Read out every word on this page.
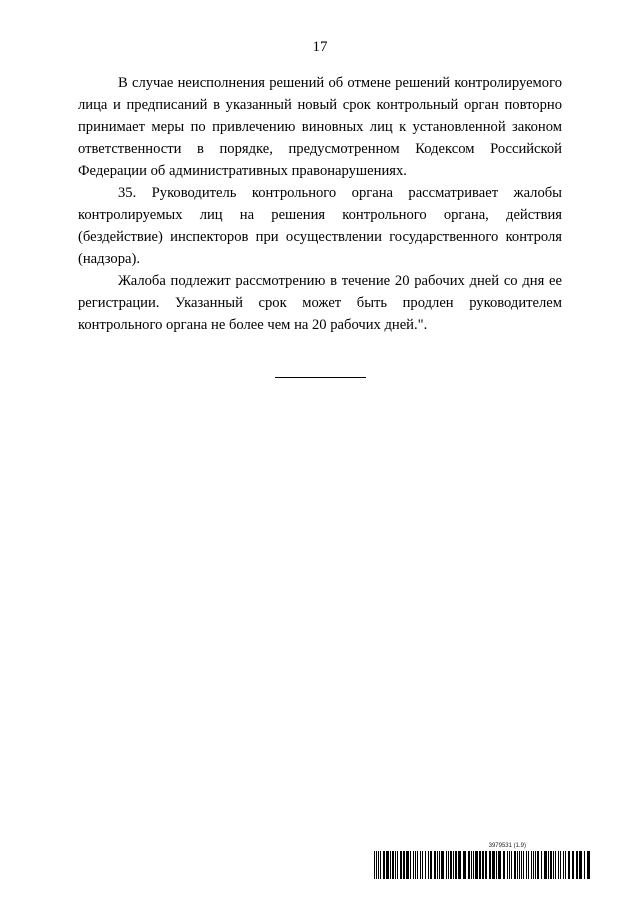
17

В случае неисполнения решений об отмене решений контролируемого лица и предписаний в указанный новый срок контрольный орган повторно принимает меры по привлечению виновных лиц к установленной законом ответственности в порядке, предусмотренном Кодексом Российской Федерации об административных правонарушениях.

35. Руководитель контрольного органа рассматривает жалобы контролируемых лиц на решения контрольного органа, действия (бездействие) инспекторов при осуществлении государственного контроля (надзора).

Жалоба подлежит рассмотрению в течение 20 рабочих дней со дня ее регистрации. Указанный срок может быть продлен руководителем контрольного органа не более чем на 20 рабочих дней.".

3979531 (1.9)
